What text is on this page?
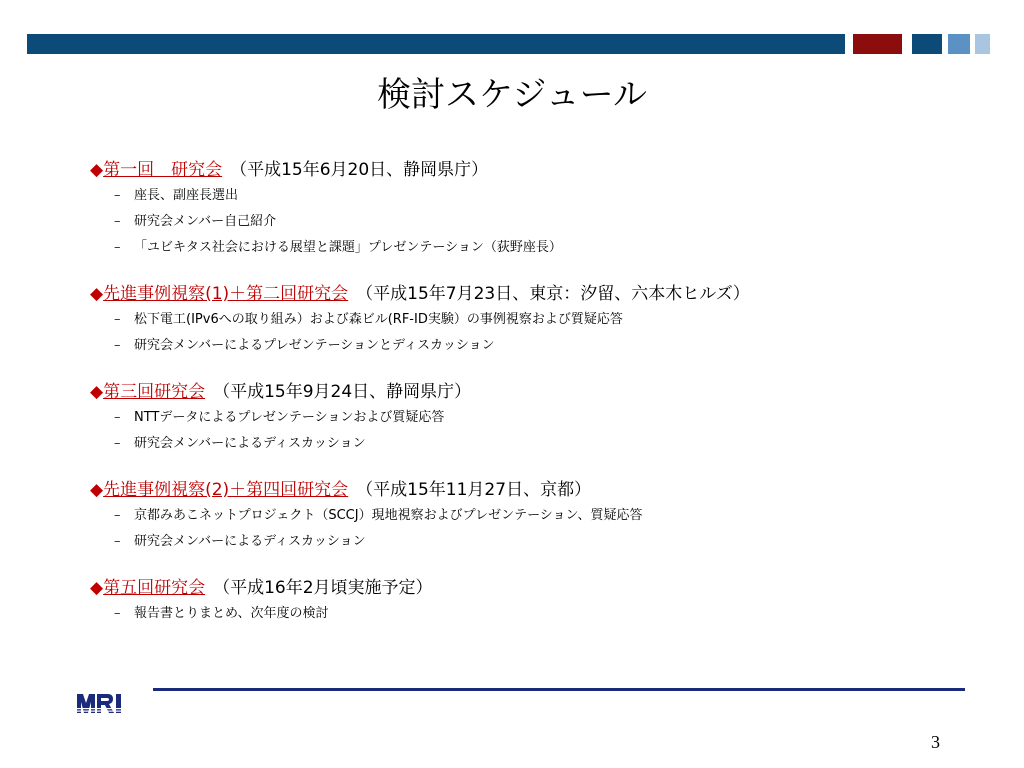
検討スケジュール
◆第一回　研究会 （平成15年6月20日、静岡県庁）
– 座長、副座長選出
– 研究会メンバー自己紹介
– 「ユビキタス社会における展望と課題」プレゼンテーション（荻野座長）
◆先進事例視察(1)＋第二回研究会 （平成15年7月23日、東京：汐留、六本木ヒルズ）
– 松下電工(IPv6への取り組み）および森ビル(RF-ID実験）の事例視察および質疑応答
– 研究会メンバーによるプレゼンテーションとディスカッション
◆第三回研究会 （平成15年9月24日、静岡県庁）
– NTTデータによるプレゼンテーションおよび質疑応答
– 研究会メンバーによるディスカッション
◆先進事例視察(2)＋第四回研究会 （平成15年11月27日、京都）
– 京都みあこネットプロジェクト（SCCJ）現地視察およびプレゼンテーション、質疑応答
– 研究会メンバーによるディスカッション
◆第五回研究会 （平成16年2月頃実施予定）
– 報告書とりまとめ、次年度の検討
3
